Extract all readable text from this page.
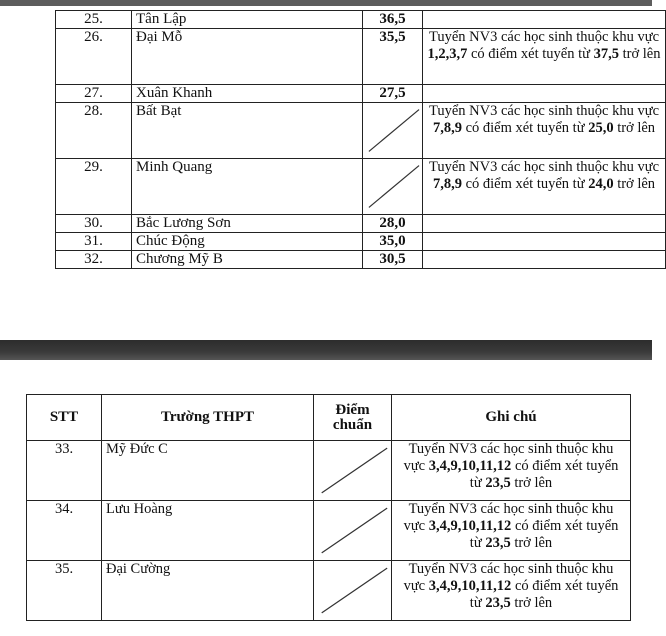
25.	Tân Lập	36,5	
26.	Đại Mỗ	35,5	Tuyển NV3 các học sinh thuộc khu vực 1,2,3,7 có điểm xét tuyển từ 37,5 trở lên
27.	Xuân Khanh	27,5	
28.	Bất Bạt		Tuyển NV3 các học sinh thuộc khu vực 7,8,9 có điểm xét tuyển từ 25,0 trở lên
29.	Minh Quang		Tuyển NV3 các học sinh thuộc khu vực 7,8,9 có điểm xét tuyển từ 24,0 trở lên
30.	Bắc Lương Sơn	28,0	
31.	Chúc Động	35,0	
32.	Chương Mỹ B	30,5	
STT	Trường THPT	Điểm chuẩn	Ghi chú
33.	Mỹ Đức C		Tuyển NV3 các học sinh thuộc khu vực 3,4,9,10,11,12 có điểm xét tuyển từ 23,5 trở lên
34.	Lưu Hoàng		Tuyển NV3 các học sinh thuộc khu vực 3,4,9,10,11,12 có điểm xét tuyển từ 23,5 trở lên
35.	Đại Cường		Tuyển NV3 các học sinh thuộc khu vực 3,4,9,10,11,12 có điểm xét tuyển từ 23,5 trở lên
